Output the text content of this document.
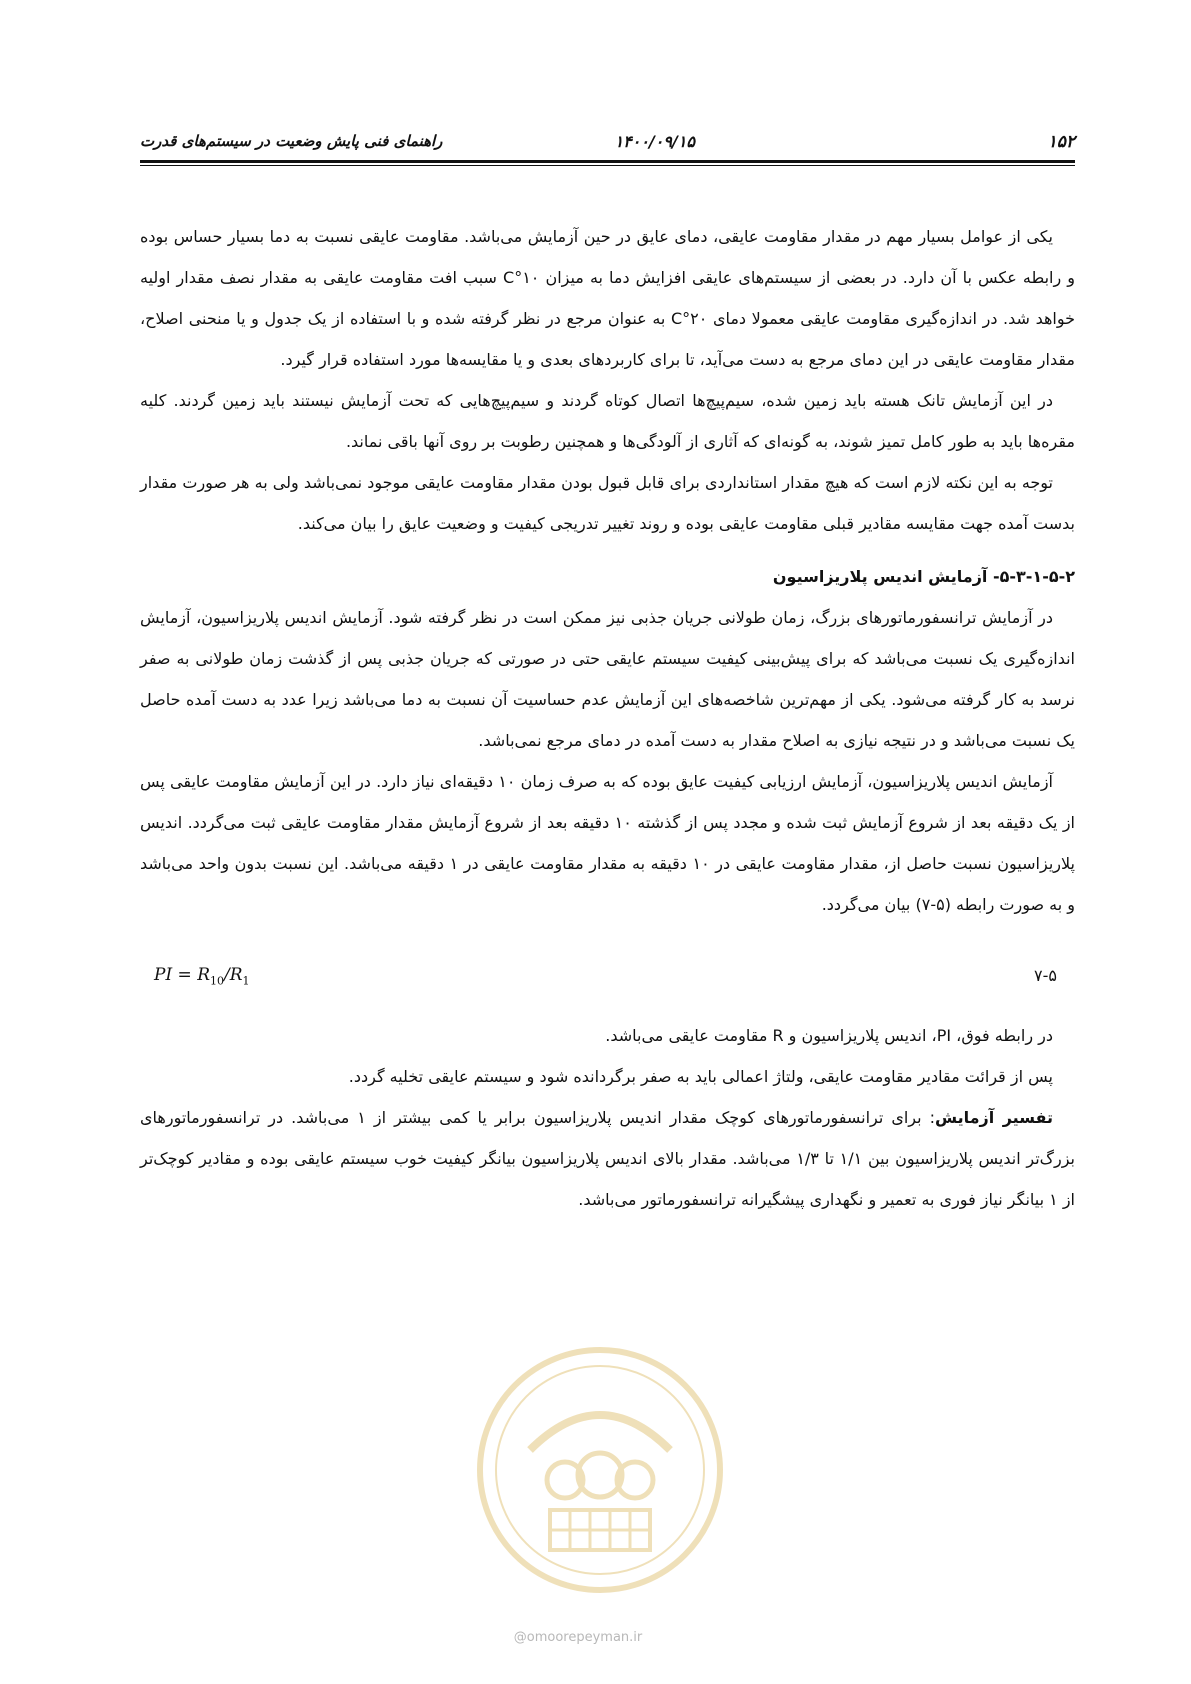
۱۵۲
۱۴۰۰/۰۹/۱۵
راهنمای فنی پایش وضعیت در سیستم‌های قدرت

یکی از عوامل بسیار مهم در مقدار مقاومت عایقی، دمای عایق در حین آزمایش می‌باشد. مقاومت عایقی نسبت به دما بسیار حساس بوده و رابطه عکس با آن دارد. در بعضی از سیستم‌های عایقی افزایش دما به میزان ۱۰°C سبب افت مقاومت عایقی به مقدار نصف مقدار اولیه خواهد شد. در اندازه‌گیری مقاومت عایقی معمولا دمای ۲۰°C به عنوان مرجع در نظر گرفته شده و با استفاده از یک جدول و یا منحنی اصلاح، مقدار مقاومت عایقی در این دمای مرجع به دست می‌آید، تا برای کاربردهای بعدی و یا مقایسه‌ها مورد استفاده قرار گیرد.

در این آزمایش تانک هسته باید زمین شده، سیم‌پیچ‌ها اتصال کوتاه گردند و سیم‌پیچ‌هایی که تحت آزمایش نیستند باید زمین گردند. کلیه مقره‌ها باید به طور کامل تمیز شوند، به گونه‌ای که آثاری از آلودگی‌ها و همچنین رطوبت بر روی آنها باقی نماند.

توجه به این نکته لازم است که هیچ مقدار استانداردی برای قابل قبول بودن مقدار مقاومت عایقی موجود نمی‌باشد ولی به هر صورت مقدار بدست آمده جهت مقایسه مقادیر قبلی مقاومت عایقی بوده و روند تغییر تدریجی کیفیت و وضعیت عایق را بیان می‌کند.

۵-۳-۱-۵-۲- آزمایش اندیس پلاریزاسیون

در آزمایش ترانسفورماتورهای بزرگ، زمان طولانی جریان جذبی نیز ممکن است در نظر گرفته شود. آزمایش اندیس پلاریزاسیون، آزمایش اندازه‌گیری یک نسبت می‌باشد که برای پیش‌بینی کیفیت سیستم عایقی حتی در صورتی که جریان جذبی پس از گذشت زمان طولانی به صفر نرسد به کار گرفته می‌شود. یکی از مهم‌ترین شاخصه‌های این آزمایش عدم حساسیت آن نسبت به دما می‌باشد زیرا عدد به دست آمده حاصل یک نسبت می‌باشد و در نتیجه نیازی به اصلاح مقدار به دست آمده در دمای مرجع نمی‌باشد.

آزمایش اندیس پلاریزاسیون، آزمایش ارزیابی کیفیت عایق بوده که به صرف زمان ۱۰ دقیقه‌ای نیاز دارد. در این آزمایش مقاومت عایقی پس از یک دقیقه بعد از شروع آزمایش ثبت شده و مجدد پس از گذشته ۱۰ دقیقه بعد از شروع آزمایش مقدار مقاومت عایقی ثبت می‌گردد. اندیس پلاریزاسیون نسبت حاصل از، مقدار مقاومت عایقی در ۱۰ دقیقه به مقدار مقاومت عایقی در ۱ دقیقه می‌باشد. این نسبت بدون واحد می‌باشد و به صورت رابطه (۵-۷) بیان می‌گردد.

PI = $R_{10}/R_1$	۷-۵

در رابطه فوق، PI، اندیس پلاریزاسیون و R مقاومت عایقی می‌باشد.

پس از قرائت مقادیر مقاومت عایقی، ولتاژ اعمالی باید به صفر برگردانده شود و سیستم عایقی تخلیه گردد.

تفسیر آزمایش: برای ترانسفورماتورهای کوچک مقدار اندیس پلاریزاسیون برابر یا کمی بیشتر از ۱ می‌باشد. در ترانسفورماتورهای بزرگ‌تر اندیس پلاریزاسیون بین ۱/۱ تا ۱/۳ می‌باشد. مقدار بالای اندیس پلاریزاسیون بیانگر کیفیت خوب سیستم عایقی بوده و مقادیر کوچک‌تر از ۱ بیانگر نیاز فوری به تعمیر و نگهداری پیشگیرانه ترانسفورماتور می‌باشد.

@omoorepeyman.ir
